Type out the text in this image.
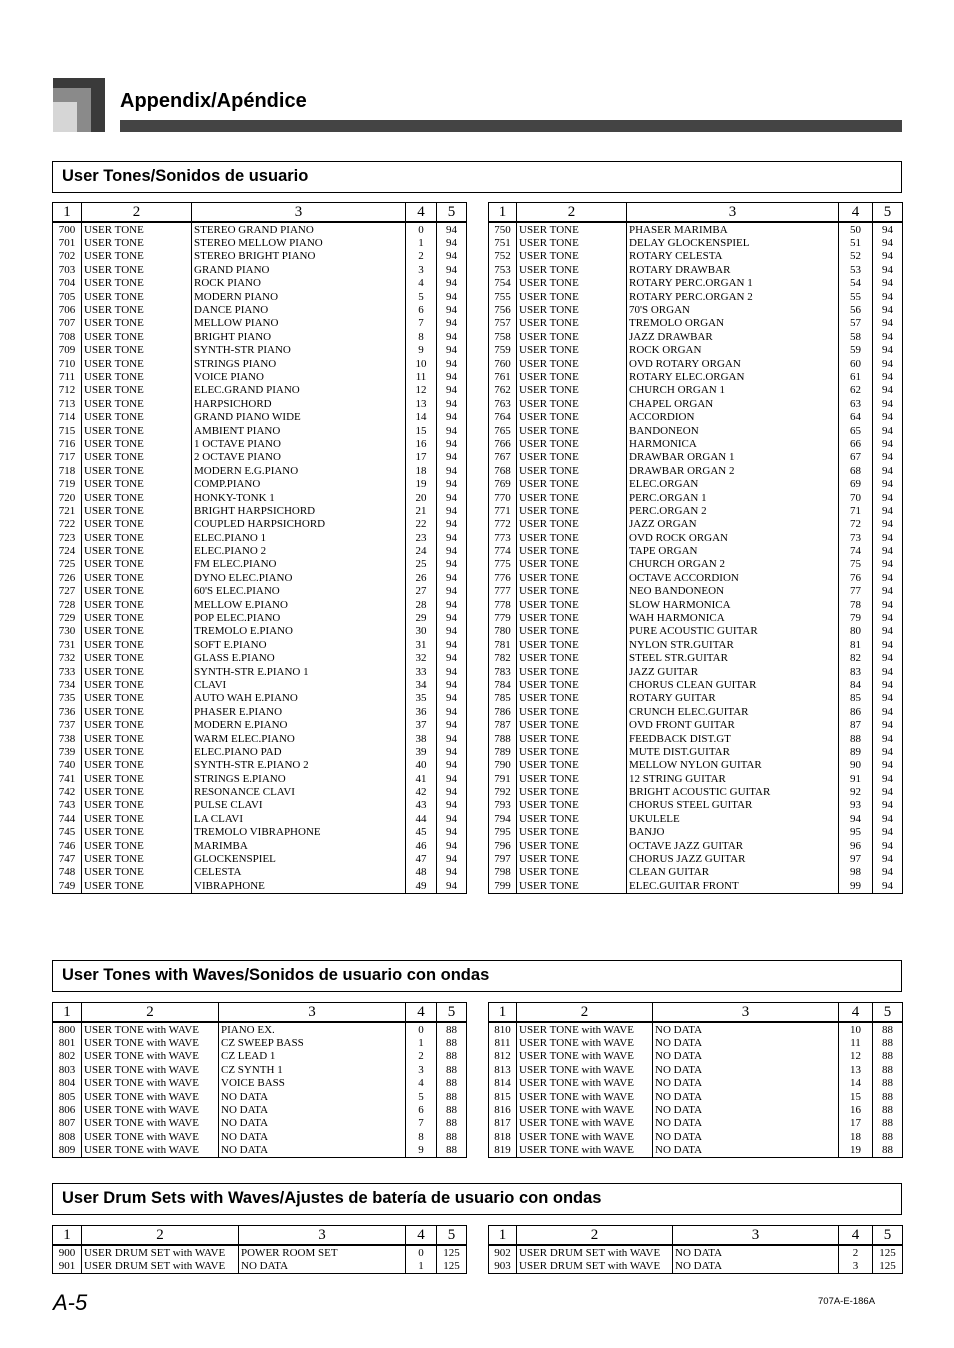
Appendix/Apéndice
User Tones/Sonidos de usuario
User Tones with Waves/Sonidos de usuario con ondas
User Drum Sets with Waves/Ajustes de batería de usuario con ondas
1	2	3	4	5
700	USER TONE	STEREO GRAND PIANO	0	94
701	USER TONE	STEREO MELLOW PIANO	1	94
702	USER TONE	STEREO BRIGHT PIANO	2	94
703	USER TONE	GRAND PIANO	3	94
704	USER TONE	ROCK PIANO	4	94
705	USER TONE	MODERN PIANO	5	94
706	USER TONE	DANCE PIANO	6	94
707	USER TONE	MELLOW PIANO	7	94
708	USER TONE	BRIGHT PIANO	8	94
709	USER TONE	SYNTH-STR PIANO	9	94
710	USER TONE	STRINGS PIANO	10	94
711	USER TONE	VOICE PIANO	11	94
712	USER TONE	ELEC.GRAND PIANO	12	94
713	USER TONE	HARPSICHORD	13	94
714	USER TONE	GRAND PIANO WIDE	14	94
715	USER TONE	AMBIENT PIANO	15	94
716	USER TONE	1 OCTAVE PIANO	16	94
717	USER TONE	2 OCTAVE PIANO	17	94
718	USER TONE	MODERN E.G.PIANO	18	94
719	USER TONE	COMP.PIANO	19	94
720	USER TONE	HONKY-TONK 1	20	94
721	USER TONE	BRIGHT HARPSICHORD	21	94
722	USER TONE	COUPLED HARPSICHORD	22	94
723	USER TONE	ELEC.PIANO 1	23	94
724	USER TONE	ELEC.PIANO 2	24	94
725	USER TONE	FM ELEC.PIANO	25	94
726	USER TONE	DYNO ELEC.PIANO	26	94
727	USER TONE	60'S ELEC.PIANO	27	94
728	USER TONE	MELLOW E.PIANO	28	94
729	USER TONE	POP ELEC.PIANO	29	94
730	USER TONE	TREMOLO E.PIANO	30	94
731	USER TONE	SOFT E.PIANO	31	94
732	USER TONE	GLASS E.PIANO	32	94
733	USER TONE	SYNTH-STR E.PIANO 1	33	94
734	USER TONE	CLAVI	34	94
735	USER TONE	AUTO WAH E.PIANO	35	94
736	USER TONE	PHASER E.PIANO	36	94
737	USER TONE	MODERN E.PIANO	37	94
738	USER TONE	WARM ELEC.PIANO	38	94
739	USER TONE	ELEC.PIANO PAD	39	94
740	USER TONE	SYNTH-STR E.PIANO 2	40	94
741	USER TONE	STRINGS E.PIANO	41	94
742	USER TONE	RESONANCE CLAVI	42	94
743	USER TONE	PULSE CLAVI	43	94
744	USER TONE	LA CLAVI	44	94
745	USER TONE	TREMOLO VIBRAPHONE	45	94
746	USER TONE	MARIMBA	46	94
747	USER TONE	GLOCKENSPIEL	47	94
748	USER TONE	CELESTA	48	94
749	USER TONE	VIBRAPHONE	49	94
1	2	3	4	5
750	USER TONE	PHASER MARIMBA	50	94
751	USER TONE	DELAY GLOCKENSPIEL	51	94
752	USER TONE	ROTARY CELESTA	52	94
753	USER TONE	ROTARY DRAWBAR	53	94
754	USER TONE	ROTARY PERC.ORGAN 1	54	94
755	USER TONE	ROTARY PERC.ORGAN 2	55	94
756	USER TONE	70'S ORGAN	56	94
757	USER TONE	TREMOLO ORGAN	57	94
758	USER TONE	JAZZ DRAWBAR	58	94
759	USER TONE	ROCK ORGAN	59	94
760	USER TONE	OVD ROTARY ORGAN	60	94
761	USER TONE	ROTARY ELEC.ORGAN	61	94
762	USER TONE	CHURCH ORGAN 1	62	94
763	USER TONE	CHAPEL ORGAN	63	94
764	USER TONE	ACCORDION	64	94
765	USER TONE	BANDONEON	65	94
766	USER TONE	HARMONICA	66	94
767	USER TONE	DRAWBAR ORGAN 1	67	94
768	USER TONE	DRAWBAR ORGAN 2	68	94
769	USER TONE	ELEC.ORGAN	69	94
770	USER TONE	PERC.ORGAN 1	70	94
771	USER TONE	PERC.ORGAN 2	71	94
772	USER TONE	JAZZ ORGAN	72	94
773	USER TONE	OVD ROCK ORGAN	73	94
774	USER TONE	TAPE ORGAN	74	94
775	USER TONE	CHURCH ORGAN 2	75	94
776	USER TONE	OCTAVE ACCORDION	76	94
777	USER TONE	NEO BANDONEON	77	94
778	USER TONE	SLOW HARMONICA	78	94
779	USER TONE	WAH HARMONICA	79	94
780	USER TONE	PURE ACOUSTIC GUITAR	80	94
781	USER TONE	NYLON STR.GUITAR	81	94
782	USER TONE	STEEL STR.GUITAR	82	94
783	USER TONE	JAZZ GUITAR	83	94
784	USER TONE	CHORUS CLEAN GUITAR	84	94
785	USER TONE	ROTARY GUITAR	85	94
786	USER TONE	CRUNCH ELEC.GUITAR	86	94
787	USER TONE	OVD FRONT GUITAR	87	94
788	USER TONE	FEEDBACK DIST.GT	88	94
789	USER TONE	MUTE DIST.GUITAR	89	94
790	USER TONE	MELLOW NYLON GUITAR	90	94
791	USER TONE	12 STRING GUITAR	91	94
792	USER TONE	BRIGHT ACOUSTIC GUITAR	92	94
793	USER TONE	CHORUS STEEL GUITAR	93	94
794	USER TONE	UKULELE	94	94
795	USER TONE	BANJO	95	94
796	USER TONE	OCTAVE JAZZ GUITAR	96	94
797	USER TONE	CHORUS JAZZ GUITAR	97	94
798	USER TONE	CLEAN GUITAR	98	94
799	USER TONE	ELEC.GUITAR FRONT	99	94
1	2	3	4	5
800	USER TONE with WAVE	PIANO EX.	0	88
801	USER TONE with WAVE	CZ SWEEP BASS	1	88
802	USER TONE with WAVE	CZ LEAD 1	2	88
803	USER TONE with WAVE	CZ SYNTH 1	3	88
804	USER TONE with WAVE	VOICE BASS	4	88
805	USER TONE with WAVE	NO DATA	5	88
806	USER TONE with WAVE	NO DATA	6	88
807	USER TONE with WAVE	NO DATA	7	88
808	USER TONE with WAVE	NO DATA	8	88
809	USER TONE with WAVE	NO DATA	9	88
1	2	3	4	5
810	USER TONE with WAVE	NO DATA	10	88
811	USER TONE with WAVE	NO DATA	11	88
812	USER TONE with WAVE	NO DATA	12	88
813	USER TONE with WAVE	NO DATA	13	88
814	USER TONE with WAVE	NO DATA	14	88
815	USER TONE with WAVE	NO DATA	15	88
816	USER TONE with WAVE	NO DATA	16	88
817	USER TONE with WAVE	NO DATA	17	88
818	USER TONE with WAVE	NO DATA	18	88
819	USER TONE with WAVE	NO DATA	19	88
1	2	3	4	5
900	USER DRUM SET with WAVE	POWER ROOM SET	0	125
901	USER DRUM SET with WAVE	NO DATA	1	125
1	2	3	4	5
902	USER DRUM SET with WAVE	NO DATA	2	125
903	USER DRUM SET with WAVE	NO DATA	3	125
A-5	707A-E-186A
